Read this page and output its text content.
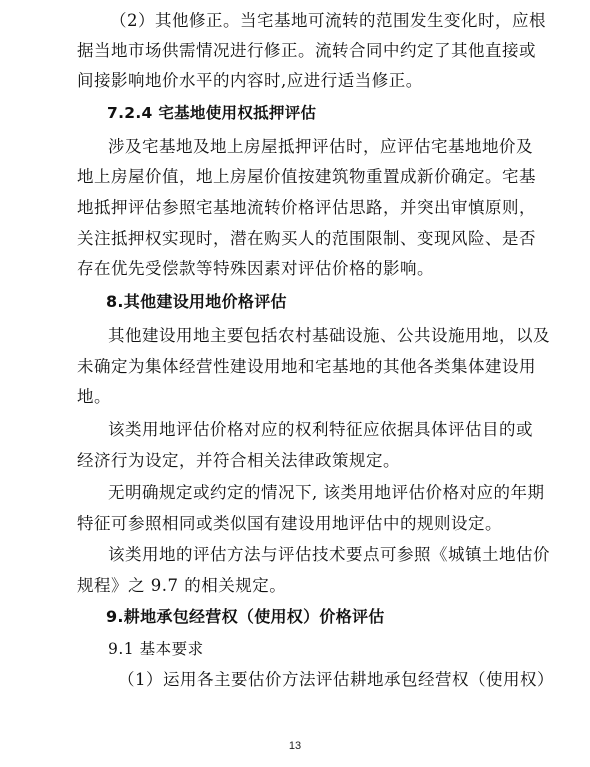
（2）其他修正。当宅基地可流转的范围发生变化时，应根
据当地市场供需情况进行修正。流转合同中约定了其他直接或
间接影响地价水平的内容时,应进行适当修正。
7.2.4 宅基地使用权抵押评估
涉及宅基地及地上房屋抵押评估时，应评估宅基地地价及
地上房屋价值，地上房屋价值按建筑物重置成新价确定。宅基
地抵押评估参照宅基地流转价格评估思路，并突出审慎原则，
关注抵押权实现时，潜在购买人的范围限制、变现风险、是否
存在优先受偿款等特殊因素对评估价格的影响。
8.其他建设用地价格评估
其他建设用地主要包括农村基础设施、公共设施用地，以及
未确定为集体经营性建设用地和宅基地的其他各类集体建设用
地。
该类用地评估价格对应的权利特征应依据具体评估目的或
经济行为设定，并符合相关法律政策规定。
无明确规定或约定的情况下, 该类用地评估价格对应的年期
特征可参照相同或类似国有建设用地评估中的规则设定。
该类用地的评估方法与评估技术要点可参照《城镇土地估价
规程》之 9.7 的相关规定。
9.耕地承包经营权（使用权）价格评估
9.1 基本要求
（1）运用各主要估价方法评估耕地承包经营权（使用权）
13
